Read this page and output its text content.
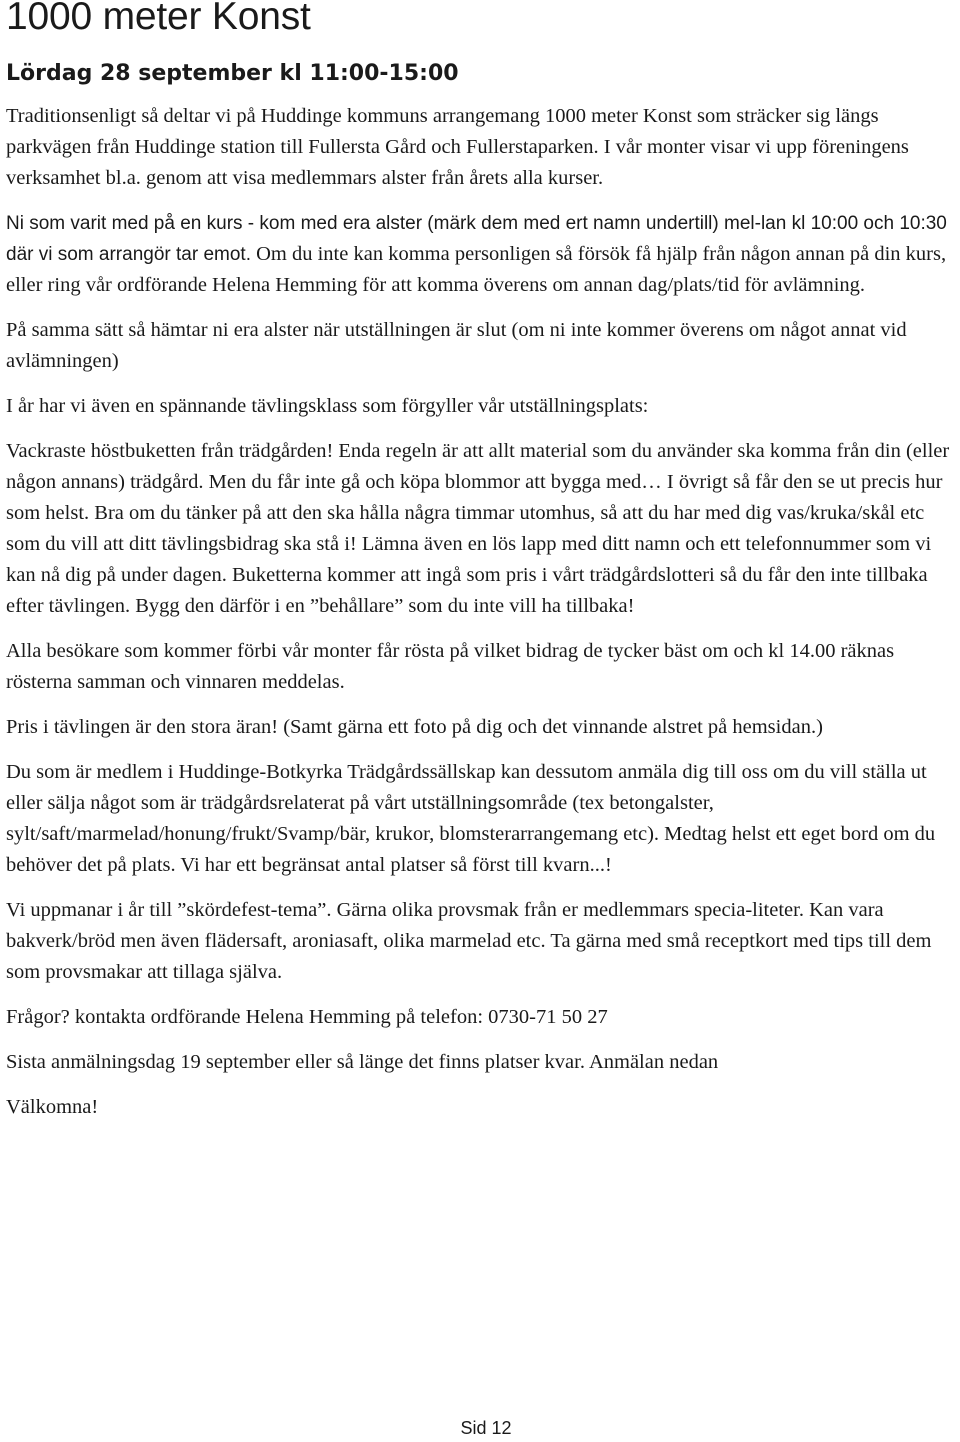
1000 meter Konst
Lördag 28 september kl 11:00-15:00

Traditionsenligt så deltar vi på Huddinge kommuns arrangemang 1000 meter Konst som sträcker sig längs parkvägen från Huddinge station till Fullersta Gård och Fullerstaparken. I vår monter visar vi upp föreningens verksamhet bl.a. genom att visa medlemmars alster från årets alla kurser.

Ni som varit med på en kurs - kom med era alster (märk dem med ert namn undertill) mel-lan kl 10:00 och 10:30 där vi som arrangör tar emot. Om du inte kan komma personligen så försök få hjälp från någon annan på din kurs, eller ring vår ordförande Helena Hemming för att komma överens om annan dag/plats/tid för avlämning.

På samma sätt så hämtar ni era alster när utställningen är slut (om ni inte kommer överens om något annat vid avlämningen)

I år har vi även en spännande tävlingsklass som förgyller vår utställningsplats:

Vackraste höstbuketten från trädgården! Enda regeln är att allt material som du använder ska komma från din (eller någon annans) trädgård. Men du får inte gå och köpa blommor att bygga med… I övrigt så får den se ut precis hur som helst. Bra om du tänker på att den ska hålla några timmar utomhus, så att du har med dig vas/kruka/skål etc som du vill att ditt tävlingsbidrag ska stå i! Lämna även en lös lapp med ditt namn och ett telefonnummer som vi kan nå dig på under dagen. Buketterna kommer att ingå som pris i vårt trädgårdslotteri så du får den inte tillbaka efter tävlingen. Bygg den därför i en ”behållare” som du inte vill ha tillbaka!

Alla besökare som kommer förbi vår monter får rösta på vilket bidrag de tycker bäst om och kl 14.00 räknas rösterna samman och vinnaren meddelas.

Pris i tävlingen är den stora äran! (Samt gärna ett foto på dig och det vinnande alstret på hemsidan.)

Du som är medlem i Huddinge-Botkyrka Trädgårdssällskap kan dessutom anmäla dig till oss om du vill ställa ut eller sälja något som är trädgårdsrelaterat på vårt utställningsområde (tex betongalster, sylt/saft/marmelad/honung/frukt/Svamp/bär, krukor, blomsterarrangemang etc). Medtag helst ett eget bord om du behöver det på plats. Vi har ett begränsat antal platser så först till kvarn...!

Vi uppmanar i år till ”skördefest-tema”. Gärna olika provsmak från er medlemmars specia-liteter. Kan vara bakverk/bröd men även flädersaft, aroniasaft, olika marmelad etc. Ta gärna med små receptkort med tips till dem som provsmakar att tillaga själva.

Frågor? kontakta ordförande Helena Hemming på telefon: 0730-71 50 27

Sista anmälningsdag 19 september eller så länge det finns platser kvar. Anmälan nedan

Välkomna!

Sid 12
